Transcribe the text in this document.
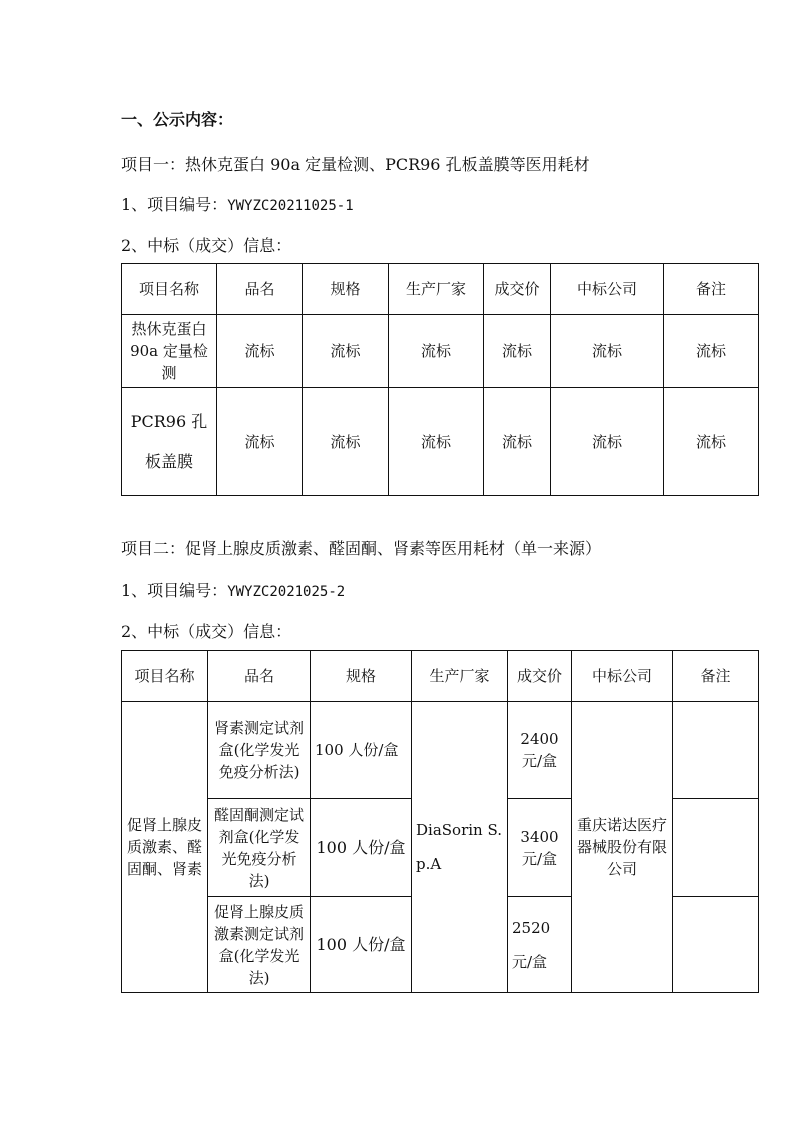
一、公示内容：
项目一：热休克蛋白 90a 定量检测、PCR96 孔板盖膜等医用耗材
1、项目编号：YWYZC20211025-1
2、中标（成交）信息：
项目名称	品名	规格	生产厂家	成交价	中标公司	备注
热休克蛋白 90a 定量检测	流标	流标	流标	流标	流标	流标
PCR96 孔板盖膜	流标	流标	流标	流标	流标	流标
项目二：促肾上腺皮质激素、醛固酮、肾素等医用耗材（单一来源）
1、项目编号：YWYZC2021025-2
2、中标（成交）信息：
项目名称	品名	规格	生产厂家	成交价	中标公司	备注
促肾上腺皮质激素、醛固酮、肾素	肾素测定试剂盒(化学发光免疫分析法)	100 人份/盒	DiaSorin S.p.A	2400 元/盒	重庆诺达医疗器械股份有限公司	
	醛固酮测定试剂盒(化学发光免疫分析法)	100 人份/盒		3400 元/盒		
	促肾上腺皮质激素测定试剂盒(化学发光法)	100 人份/盒		2520 元/盒		
